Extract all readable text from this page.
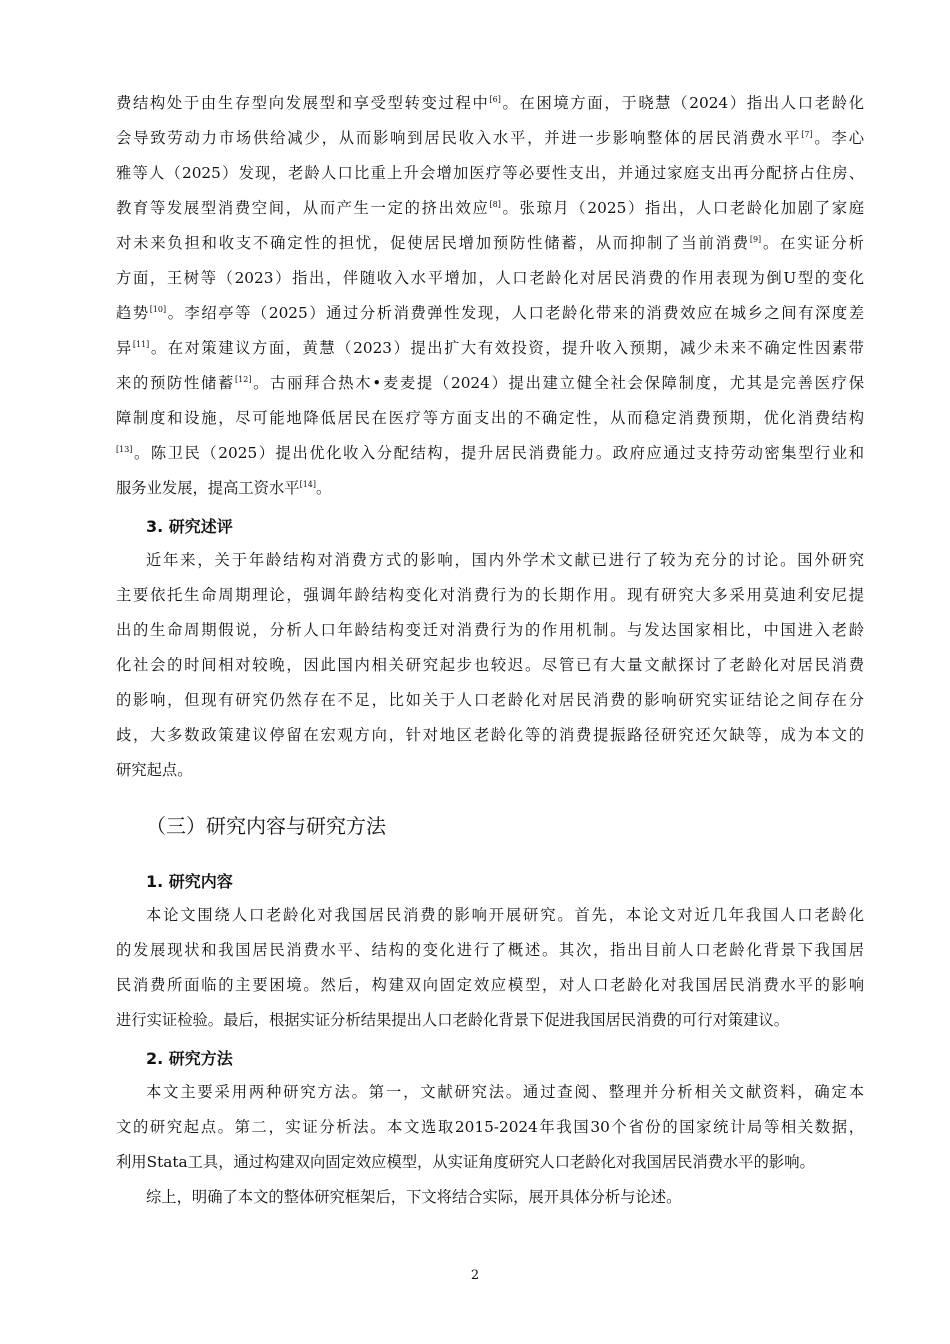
费结构处于由生存型向发展型和享受型转变过程中[6]。在困境方面，于晓慧（2024）指出人口老龄化
会导致劳动力市场供给减少，从而影响到居民收入水平，并进一步影响整体的居民消费水平[7]。李心
雅等人（2025）发现，老龄人口比重上升会增加医疗等必要性支出，并通过家庭支出再分配挤占住房、
教育等发展型消费空间，从而产生一定的挤出效应[8]。张琼月（2025）指出，人口老龄化加剧了家庭
对未来负担和收支不确定性的担忧，促使居民增加预防性储蓄，从而抑制了当前消费[9]。在实证分析
方面，王树等（2023）指出，伴随收入水平增加，人口老龄化对居民消费的作用表现为倒U型的变化
趋势[10]。李绍亭等（2025）通过分析消费弹性发现，人口老龄化带来的消费效应在城乡之间有深度差
异[11]。在对策建议方面，黄慧（2023）提出扩大有效投资，提升收入预期，减少未来不确定性因素带
来的预防性储蓄[12]。古丽拜合热木•麦麦提（2024）提出建立健全社会保障制度，尤其是完善医疗保
障制度和设施，尽可能地降低居民在医疗等方面支出的不确定性，从而稳定消费预期，优化消费结构
[13]。陈卫民（2025）提出优化收入分配结构，提升居民消费能力。政府应通过支持劳动密集型行业和
服务业发展，提高工资水平[14]。
3. 研究述评
近年来，关于年龄结构对消费方式的影响，国内外学术文献已进行了较为充分的讨论。国外研究
主要依托生命周期理论，强调年龄结构变化对消费行为的长期作用。现有研究大多采用莫迪利安尼提
出的生命周期假说，分析人口年龄结构变迁对消费行为的作用机制。与发达国家相比，中国进入老龄
化社会的时间相对较晚，因此国内相关研究起步也较迟。尽管已有大量文献探讨了老龄化对居民消费
的影响，但现有研究仍然存在不足，比如关于人口老龄化对居民消费的影响研究实证结论之间存在分
歧，大多数政策建议停留在宏观方向，针对地区老龄化等的消费提振路径研究还欠缺等，成为本文的
研究起点。
（三）研究内容与研究方法
1. 研究内容
本论文围绕人口老龄化对我国居民消费的影响开展研究。首先，本论文对近几年我国人口老龄化
的发展现状和我国居民消费水平、结构的变化进行了概述。其次，指出目前人口老龄化背景下我国居
民消费所面临的主要困境。然后，构建双向固定效应模型，对人口老龄化对我国居民消费水平的影响
进行实证检验。最后，根据实证分析结果提出人口老龄化背景下促进我国居民消费的可行对策建议。
2. 研究方法
本文主要采用两种研究方法。第一，文献研究法。通过查阅、整理并分析相关文献资料，确定本
文的研究起点。第二，实证分析法。本文选取2015-2024年我国30个省份的国家统计局等相关数据，
利用Stata工具，通过构建双向固定效应模型，从实证角度研究人口老龄化对我国居民消费水平的影响。
综上，明确了本文的整体研究框架后，下文将结合实际，展开具体分析与论述。
2
